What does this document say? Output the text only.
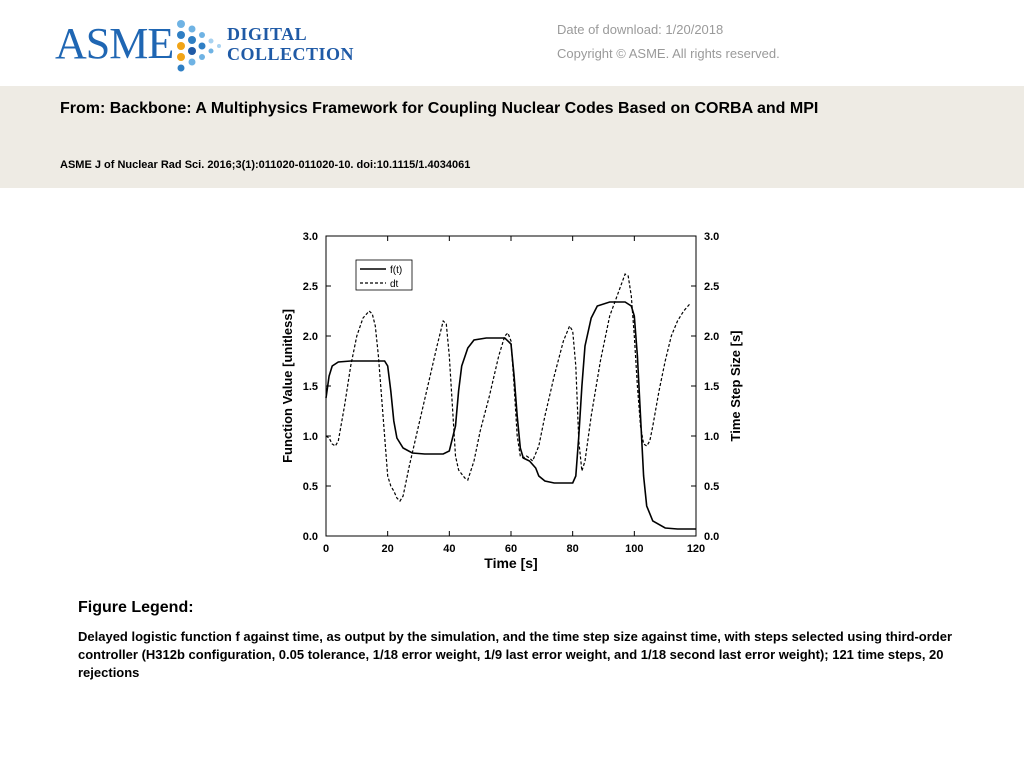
ASME	DIGITAL
COLLECTION
Date of download: 1/20/2018
Copyright © ASME. All rights reserved.
From: Backbone: A Multiphysics Framework for Coupling Nuclear Codes Based on CORBA and MPI
ASME J of Nuclear Rad Sci. 2016;3(1):011020-011020-10. doi:10.1115/1.4034061
0	20	40	60	80	100	120
0.0
0.5
1.0
1.5
2.0
2.5
3.0
0.0
0.5
1.0
1.5
2.0
2.5
3.0
f(t)
dt
Time [s]
Function Value [unitless]	Time Step Size [s]
Figure Legend:
Delayed logistic function f against time, as output by the simulation, and the time step size against time, with steps selected using third-order controller (H312b configuration, 0.05 tolerance, 1/18 error weight, 1/9 last error weight, and 1/18 second last error weight); 121 time steps, 20 rejections
